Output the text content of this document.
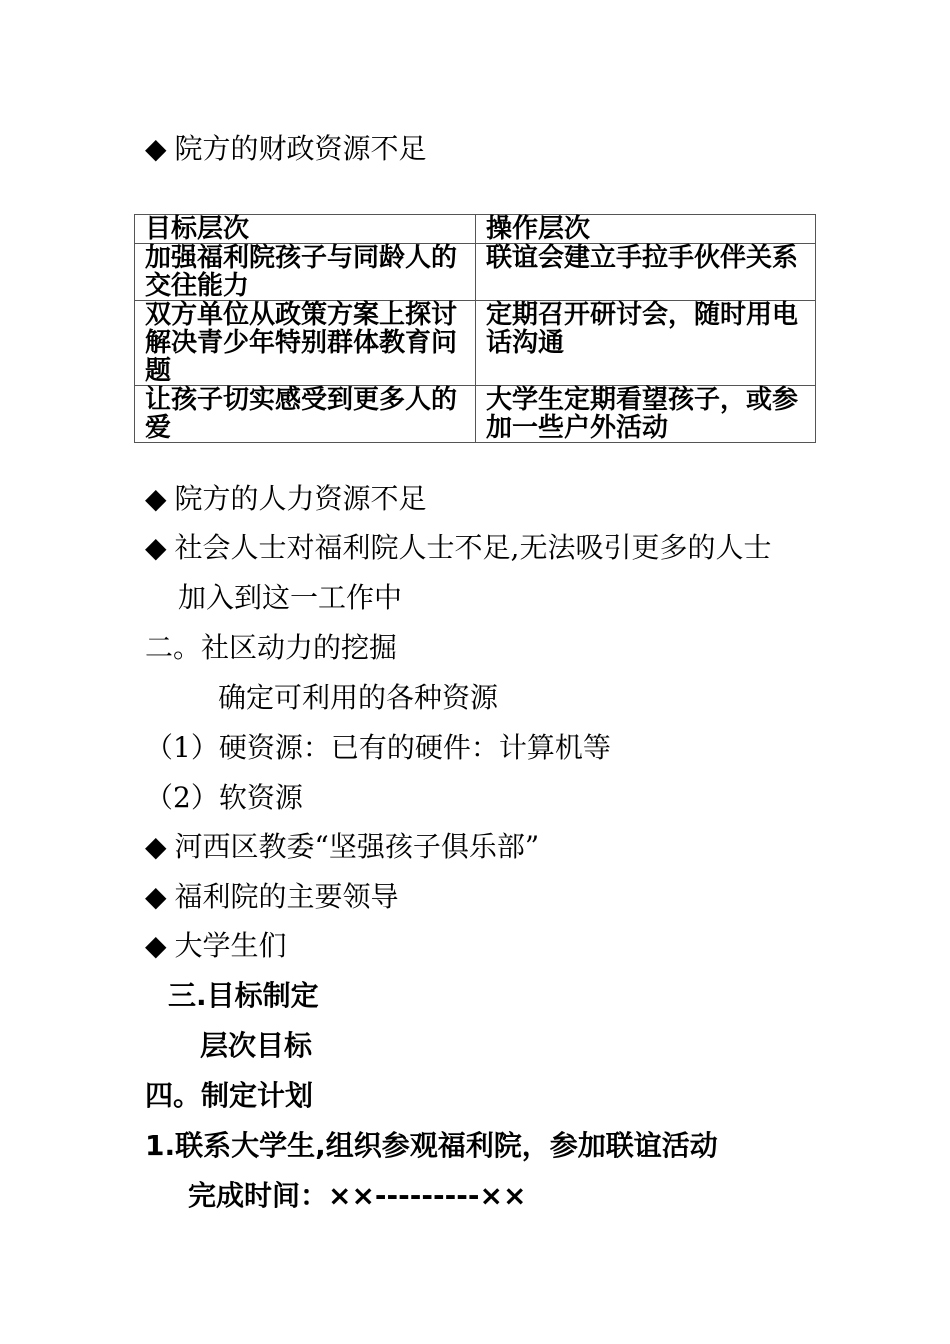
◆ 院方的财政资源不足
目标层次	操作层次
加强福利院孩子与同龄人的交往能力	联谊会建立手拉手伙伴关系
双方单位从政策方案上探讨解决青少年特别群体教育问题	定期召开研讨会，随时用电话沟通
让孩子切实感受到更多人的爱	大学生定期看望孩子，或参加一些户外活动
◆ 院方的人力资源不足
◆ 社会人士对福利院人士不足,无法吸引更多的人士
加入到这一工作中
二。社区动力的挖掘
确定可利用的各种资源
（1）硬资源：已有的硬件：计算机等
（2）软资源
◆ 河西区教委“坚强孩子俱乐部”
◆ 福利院的主要领导
◆ 大学生们
三.目标制定
层次目标
四。制定计划
1.联系大学生,组织参观福利院，参加联谊活动
完成时间：××---------××
